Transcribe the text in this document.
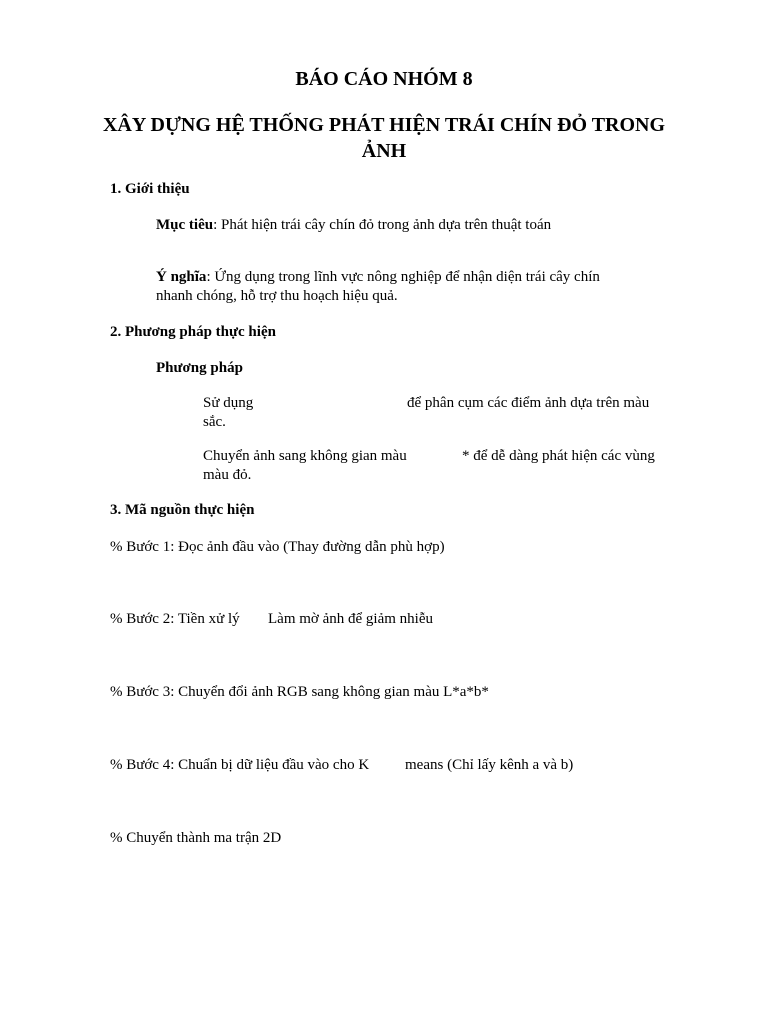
BÁO CÁO NHÓM 8
XÂY DỰNG HỆ THỐNG PHÁT HIỆN TRÁI CHÍN ĐỎ TRONG ẢNH
1. Giới thiệu
Mục tiêu: Phát hiện trái cây chín đỏ trong ảnh dựa trên thuật toán
Ý nghĩa: Ứng dụng trong lĩnh vực nông nghiệp để nhận diện trái cây chín
nhanh chóng, hỗ trợ thu hoạch hiệu quả.
2. Phương pháp thực hiện
Phương pháp
Sử dụng	để phân cụm các điểm ảnh dựa trên màu
sắc.
Chuyển ảnh sang không gian màu	* để dễ dàng phát hiện các vùng
màu đỏ.
3. Mã nguồn thực hiện
% Bước 1: Đọc ảnh đầu vào (Thay đường dẫn phù hợp)
% Bước 2: Tiền xử lý Làm mờ ảnh để giảm nhiễu
% Bước 3: Chuyển đổi ảnh RGB sang không gian màu L*a*b*
% Bước 4: Chuẩn bị dữ liệu đầu vào cho K means (Chỉ lấy kênh a và b)
% Chuyển thành ma trận 2D
